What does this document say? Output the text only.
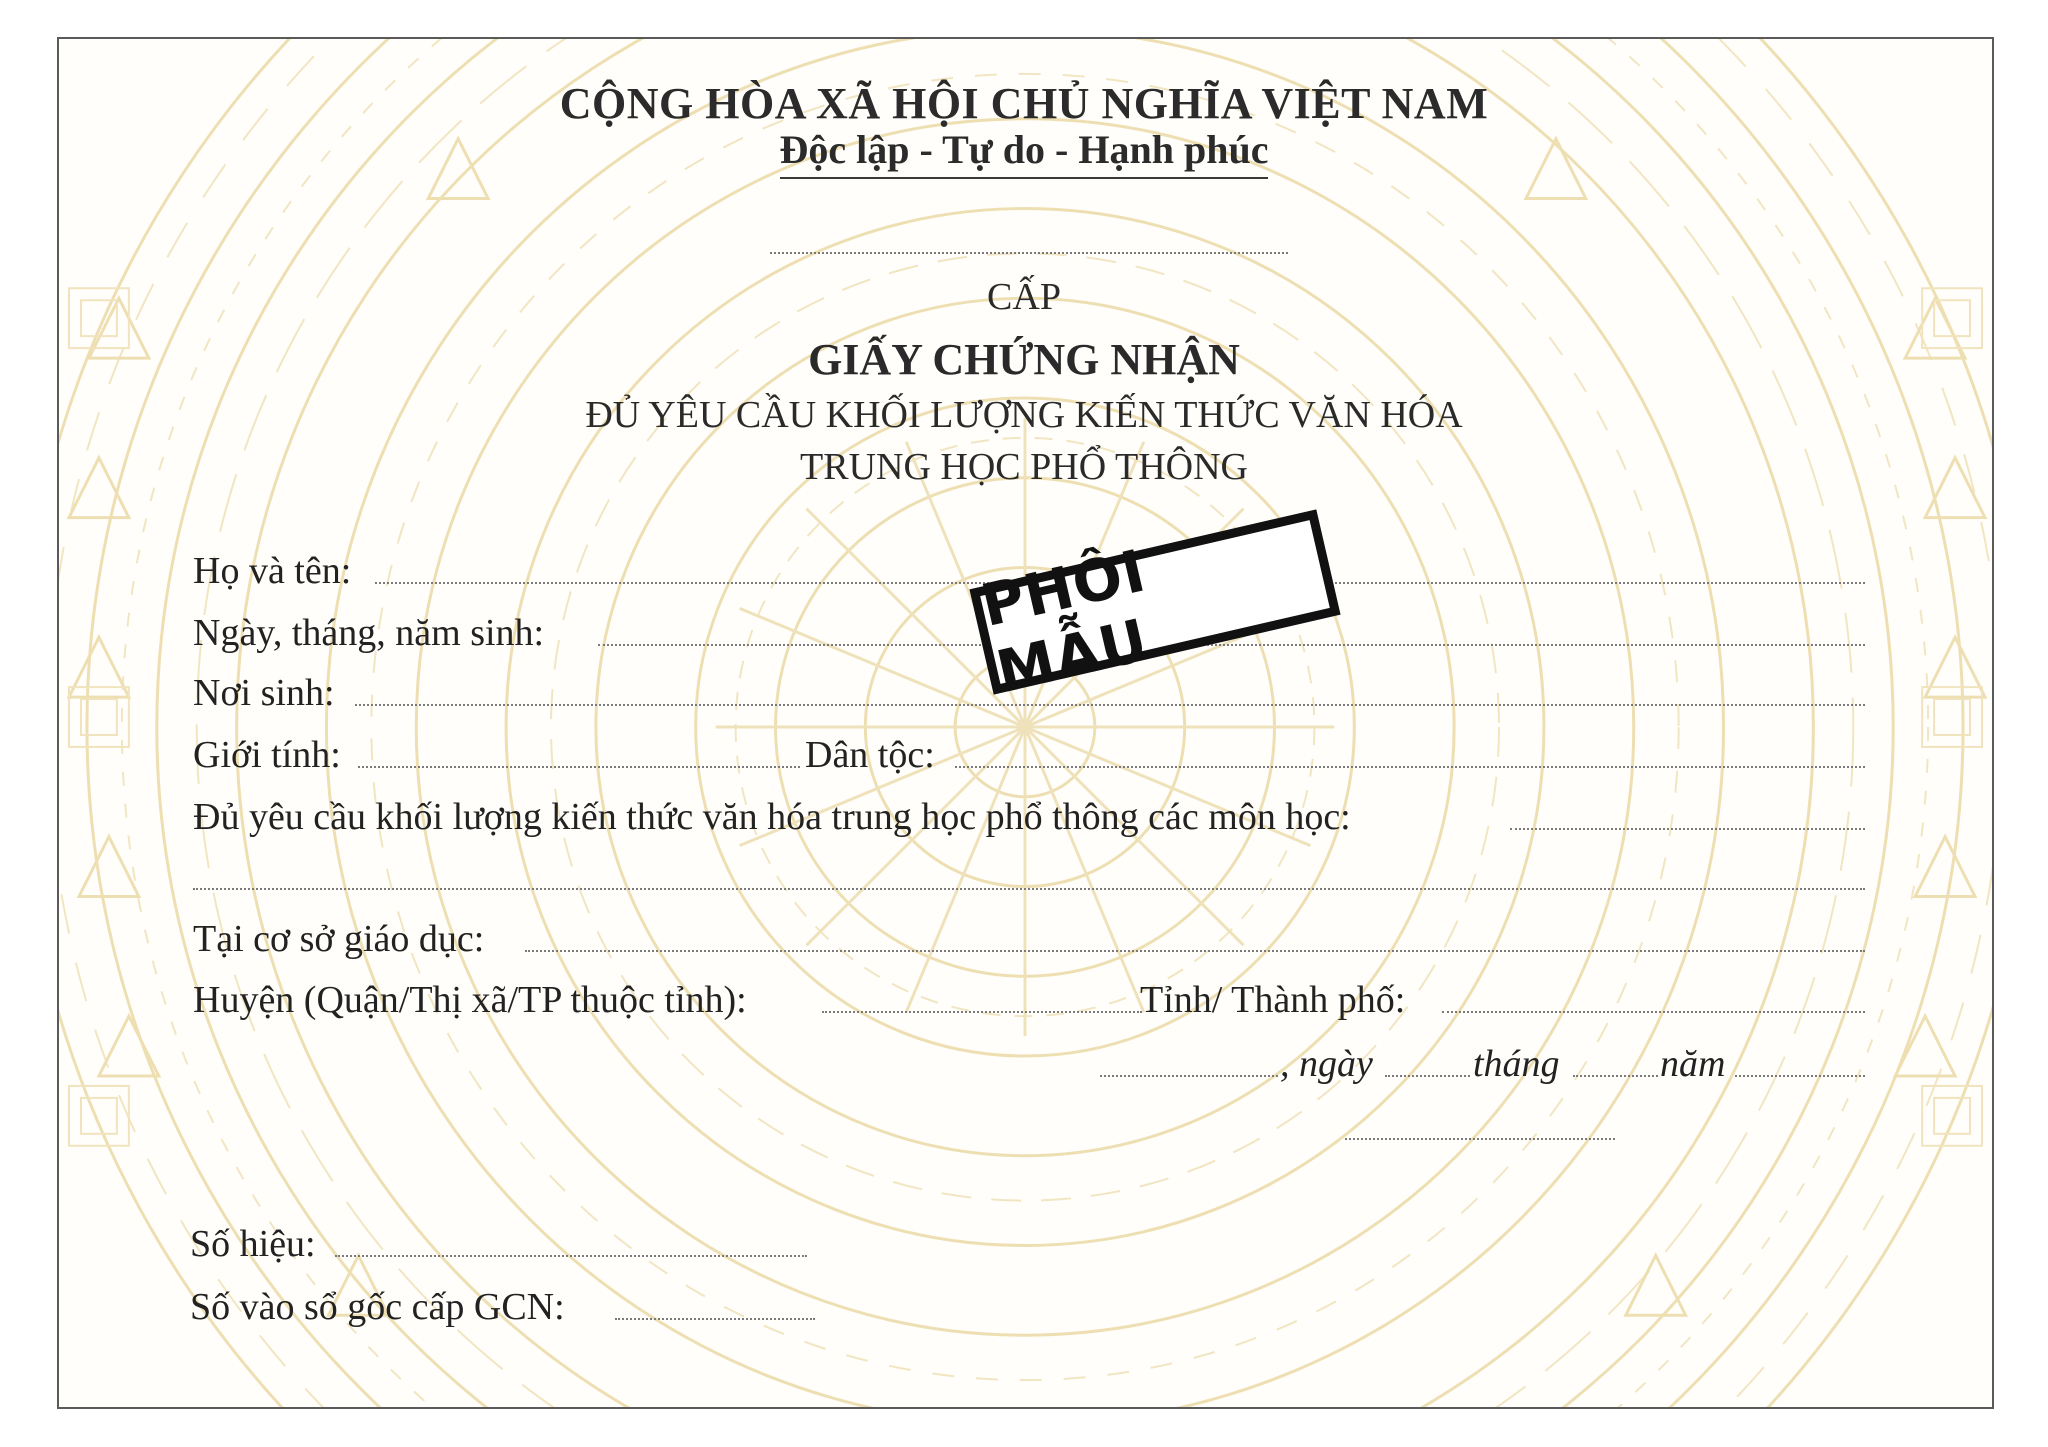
CỘNG HÒA XÃ HỘI CHỦ NGHĨA VIỆT NAM
Độc lập - Tự do - Hạnh phúc
CẤP
GIẤY CHỨNG NHẬN
ĐỦ YÊU CẦU KHỐI LƯỢNG KIẾN THỨC VĂN HÓA
TRUNG HỌC PHỔ THÔNG
Họ và tên:
Ngày, tháng, năm sinh:
Nơi sinh:
Giới tính:	Dân tộc:
Đủ yêu cầu khối lượng kiến thức văn hóa trung học phổ thông các môn học:
Tại cơ sở giáo dục:
Huyện (Quận/Thị xã/TP thuộc tỉnh):	Tỉnh/ Thành phố:
, ngày	tháng	năm
Số hiệu:
Số vào sổ gốc cấp GCN:
PHÔI MẪU
